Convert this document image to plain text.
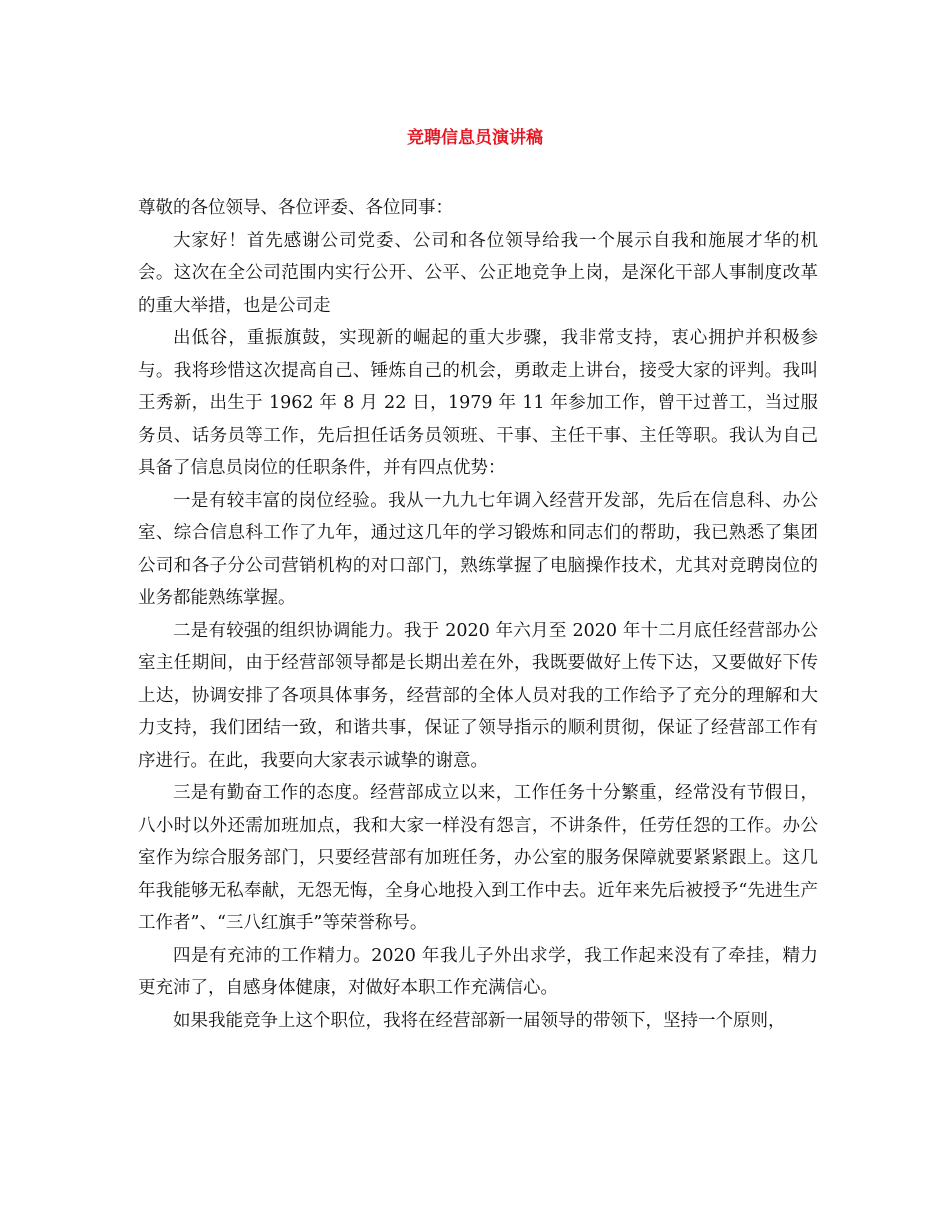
竞聘信息员演讲稿

尊敬的各位领导、各位评委、各位同事：

大家好！首先感谢公司党委、公司和各位领导给我一个展示自我和施展才华的机会。这次在全公司范围内实行公开、公平、公正地竞争上岗，是深化干部人事制度改革的重大举措，也是公司走

出低谷，重振旗鼓，实现新的崛起的重大步骤，我非常支持，衷心拥护并积极参与。我将珍惜这次提高自己、锤炼自己的机会，勇敢走上讲台，接受大家的评判。我叫王秀新，出生于 1962 年 8 月 22 日，1979 年 11 年参加工作，曾干过普工，当过服务员、话务员等工作，先后担任话务员领班、干事、主任干事、主任等职。我认为自己具备了信息员岗位的任职条件，并有四点优势：

一是有较丰富的岗位经验。我从一九九七年调入经营开发部，先后在信息科、办公室、综合信息科工作了九年，通过这几年的学习锻炼和同志们的帮助，我已熟悉了集团公司和各子分公司营销机构的对口部门，熟练掌握了电脑操作技术，尤其对竞聘岗位的业务都能熟练掌握。

二是有较强的组织协调能力。我于 2020 年六月至 2020 年十二月底任经营部办公室主任期间，由于经营部领导都是长期出差在外，我既要做好上传下达，又要做好下传上达，协调安排了各项具体事务，经营部的全体人员对我的工作给予了充分的理解和大力支持，我们团结一致，和谐共事，保证了领导指示的顺利贯彻，保证了经营部工作有序进行。在此，我要向大家表示诚挚的谢意。

三是有勤奋工作的态度。经营部成立以来，工作任务十分繁重，经常没有节假日，八小时以外还需加班加点，我和大家一样没有怨言，不讲条件，任劳任怨的工作。办公室作为综合服务部门，只要经营部有加班任务，办公室的服务保障就要紧紧跟上。这几年我能够无私奉献，无怨无悔，全身心地投入到工作中去。近年来先后被授予“先进生产工作者”、“三八红旗手”等荣誉称号。

四是有充沛的工作精力。2020 年我儿子外出求学，我工作起来没有了牵挂，精力更充沛了，自感身体健康，对做好本职工作充满信心。

如果我能竞争上这个职位，我将在经营部新一届领导的带领下，坚持一个原则，
